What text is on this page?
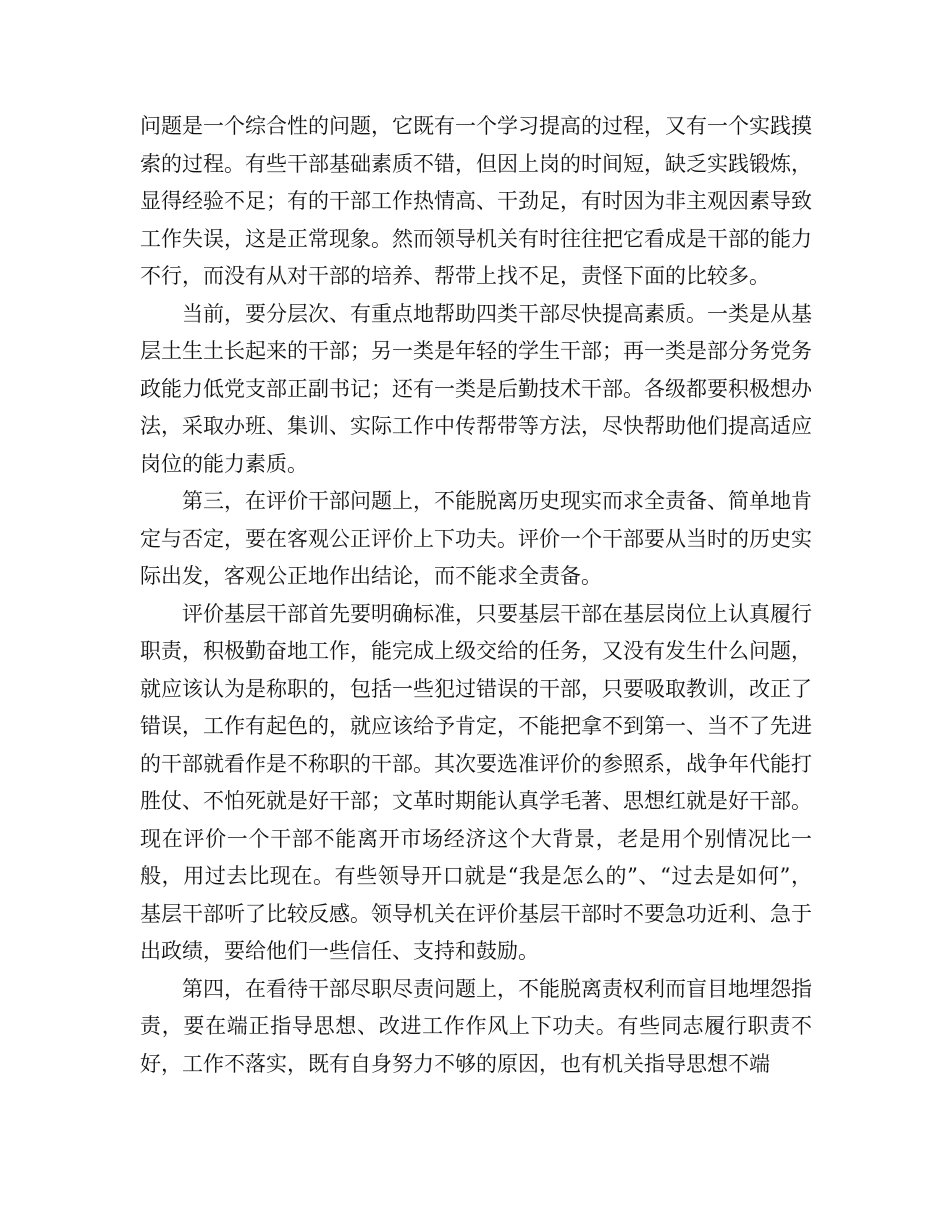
问题是一个综合性的问题，它既有一个学习提高的过程，又有一个实践摸索的过程。有些干部基础素质不错，但因上岗的时间短，缺乏实践锻炼，显得经验不足；有的干部工作热情高、干劲足，有时因为非主观因素导致工作失误，这是正常现象。然而领导机关有时往往把它看成是干部的能力不行，而没有从对干部的培养、帮带上找不足，责怪下面的比较多。

当前，要分层次、有重点地帮助四类干部尽快提高素质。一类是从基层土生土长起来的干部；另一类是年轻的学生干部；再一类是部分务党务政能力低党支部正副书记；还有一类是后勤技术干部。各级都要积极想办法，采取办班、集训、实际工作中传帮带等方法，尽快帮助他们提高适应岗位的能力素质。

第三，在评价干部问题上，不能脱离历史现实而求全责备、简单地肯定与否定，要在客观公正评价上下功夫。评价一个干部要从当时的历史实际出发，客观公正地作出结论，而不能求全责备。

评价基层干部首先要明确标准，只要基层干部在基层岗位上认真履行职责，积极勤奋地工作，能完成上级交给的任务，又没有发生什么问题，就应该认为是称职的，包括一些犯过错误的干部，只要吸取教训，改正了错误，工作有起色的，就应该给予肯定，不能把拿不到第一、当不了先进的干部就看作是不称职的干部。其次要选准评价的参照系，战争年代能打胜仗、不怕死就是好干部；文革时期能认真学毛著、思想红就是好干部。现在评价一个干部不能离开市场经济这个大背景，老是用个别情况比一般，用过去比现在。有些领导开口就是“我是怎么的”、“过去是如何”，基层干部听了比较反感。领导机关在评价基层干部时不要急功近利、急于出政绩，要给他们一些信任、支持和鼓励。

第四，在看待干部尽职尽责问题上，不能脱离责权利而盲目地埋怨指责，要在端正指导思想、改进工作作风上下功夫。有些同志履行职责不好，工作不落实，既有自身努力不够的原因，也有机关指导思想不端
